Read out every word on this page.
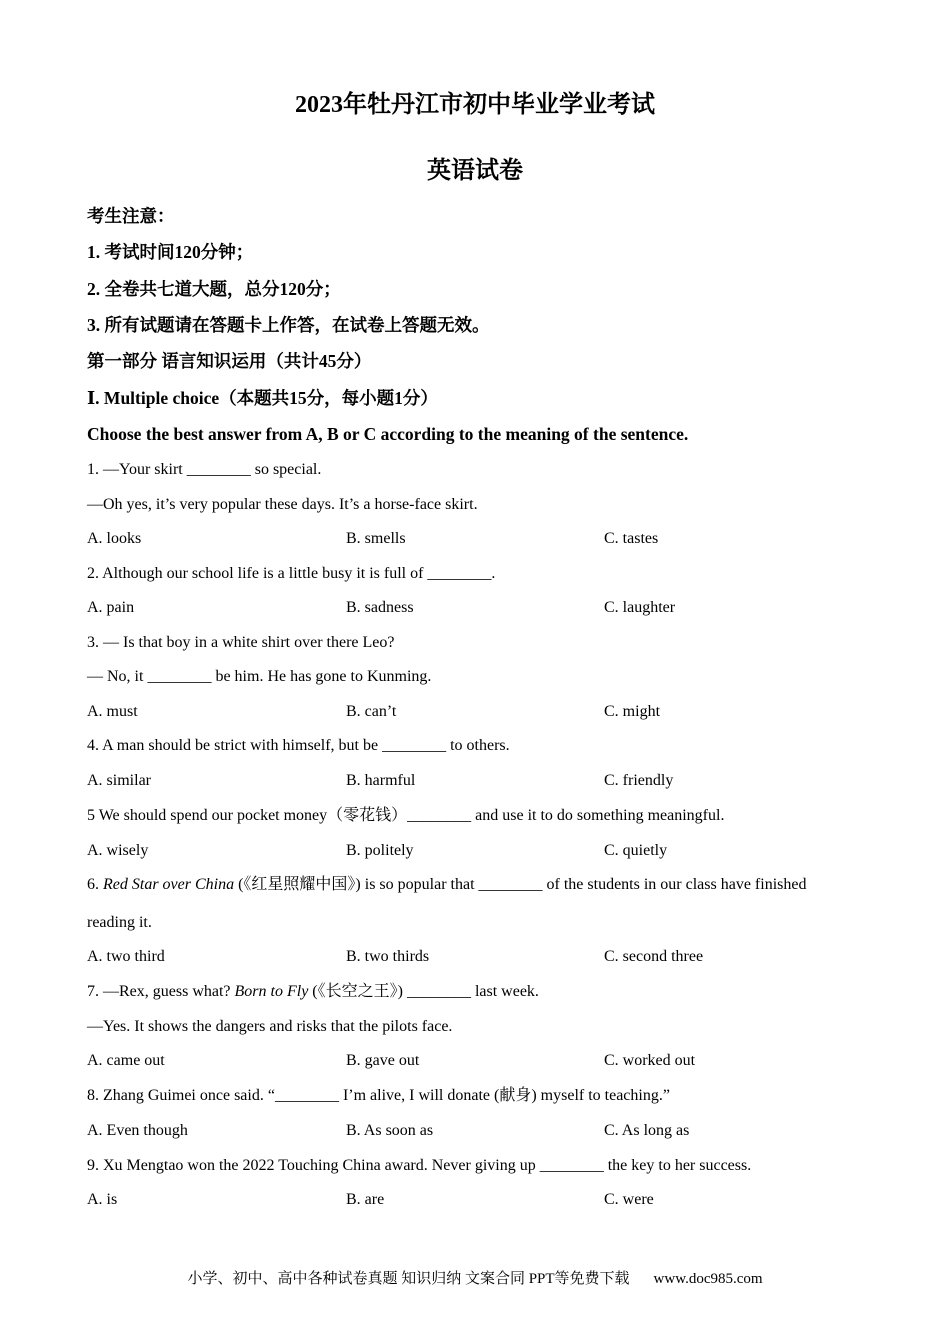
2023年牡丹江市初中毕业学业考试
英语试卷
考生注意：
1. 考试时间120分钟；
2. 全卷共七道大题，总分120分；
3. 所有试题请在答题卡上作答，在试卷上答题无效。
第一部分 语言知识运用（共计45分）
Ⅰ. Multiple choice（本题共15分，每小题1分）
Choose the best answer from A, B or C according to the meaning of the sentence.
1. —Your skirt ________ so special.
—Oh yes, it’s very popular these days. It’s a horse-face skirt.
A. looks	B. smells	C. tastes
2. Although our school life is a little busy it is full of ________.
A. pain	B. sadness	C. laughter
3. — Is that boy in a white shirt over there Leo?
— No, it ________ be him. He has gone to Kunming.
A. must	B. can’t	C. might
4. A man should be strict with himself, but be ________ to others.
A. similar	B. harmful	C. friendly
5 We should spend our pocket money（零花钱）________ and use it to do something meaningful.
A. wisely	B. politely	C. quietly
6. Red Star over China (《红星照耀中国》) is so popular that ________ of the students in our class have finished
reading it.
A. two third	B. two thirds	C. second three
7. —Rex, guess what? Born to Fly (《长空之王》) ________ last week.
—Yes. It shows the dangers and risks that the pilots face.
A. came out	B. gave out	C. worked out
8. Zhang Guimei once said. “________ I’m alive, I will donate (献身) myself to teaching.”
A. Even though	B. As soon as	C. As long as
9. Xu Mengtao won the 2022 Touching China award. Never giving up ________ the key to her success.
A. is	B. are	C. were
小学、初中、高中各种试卷真题 知识归纳 文案合同 PPT等免费下载 www.doc985.com
